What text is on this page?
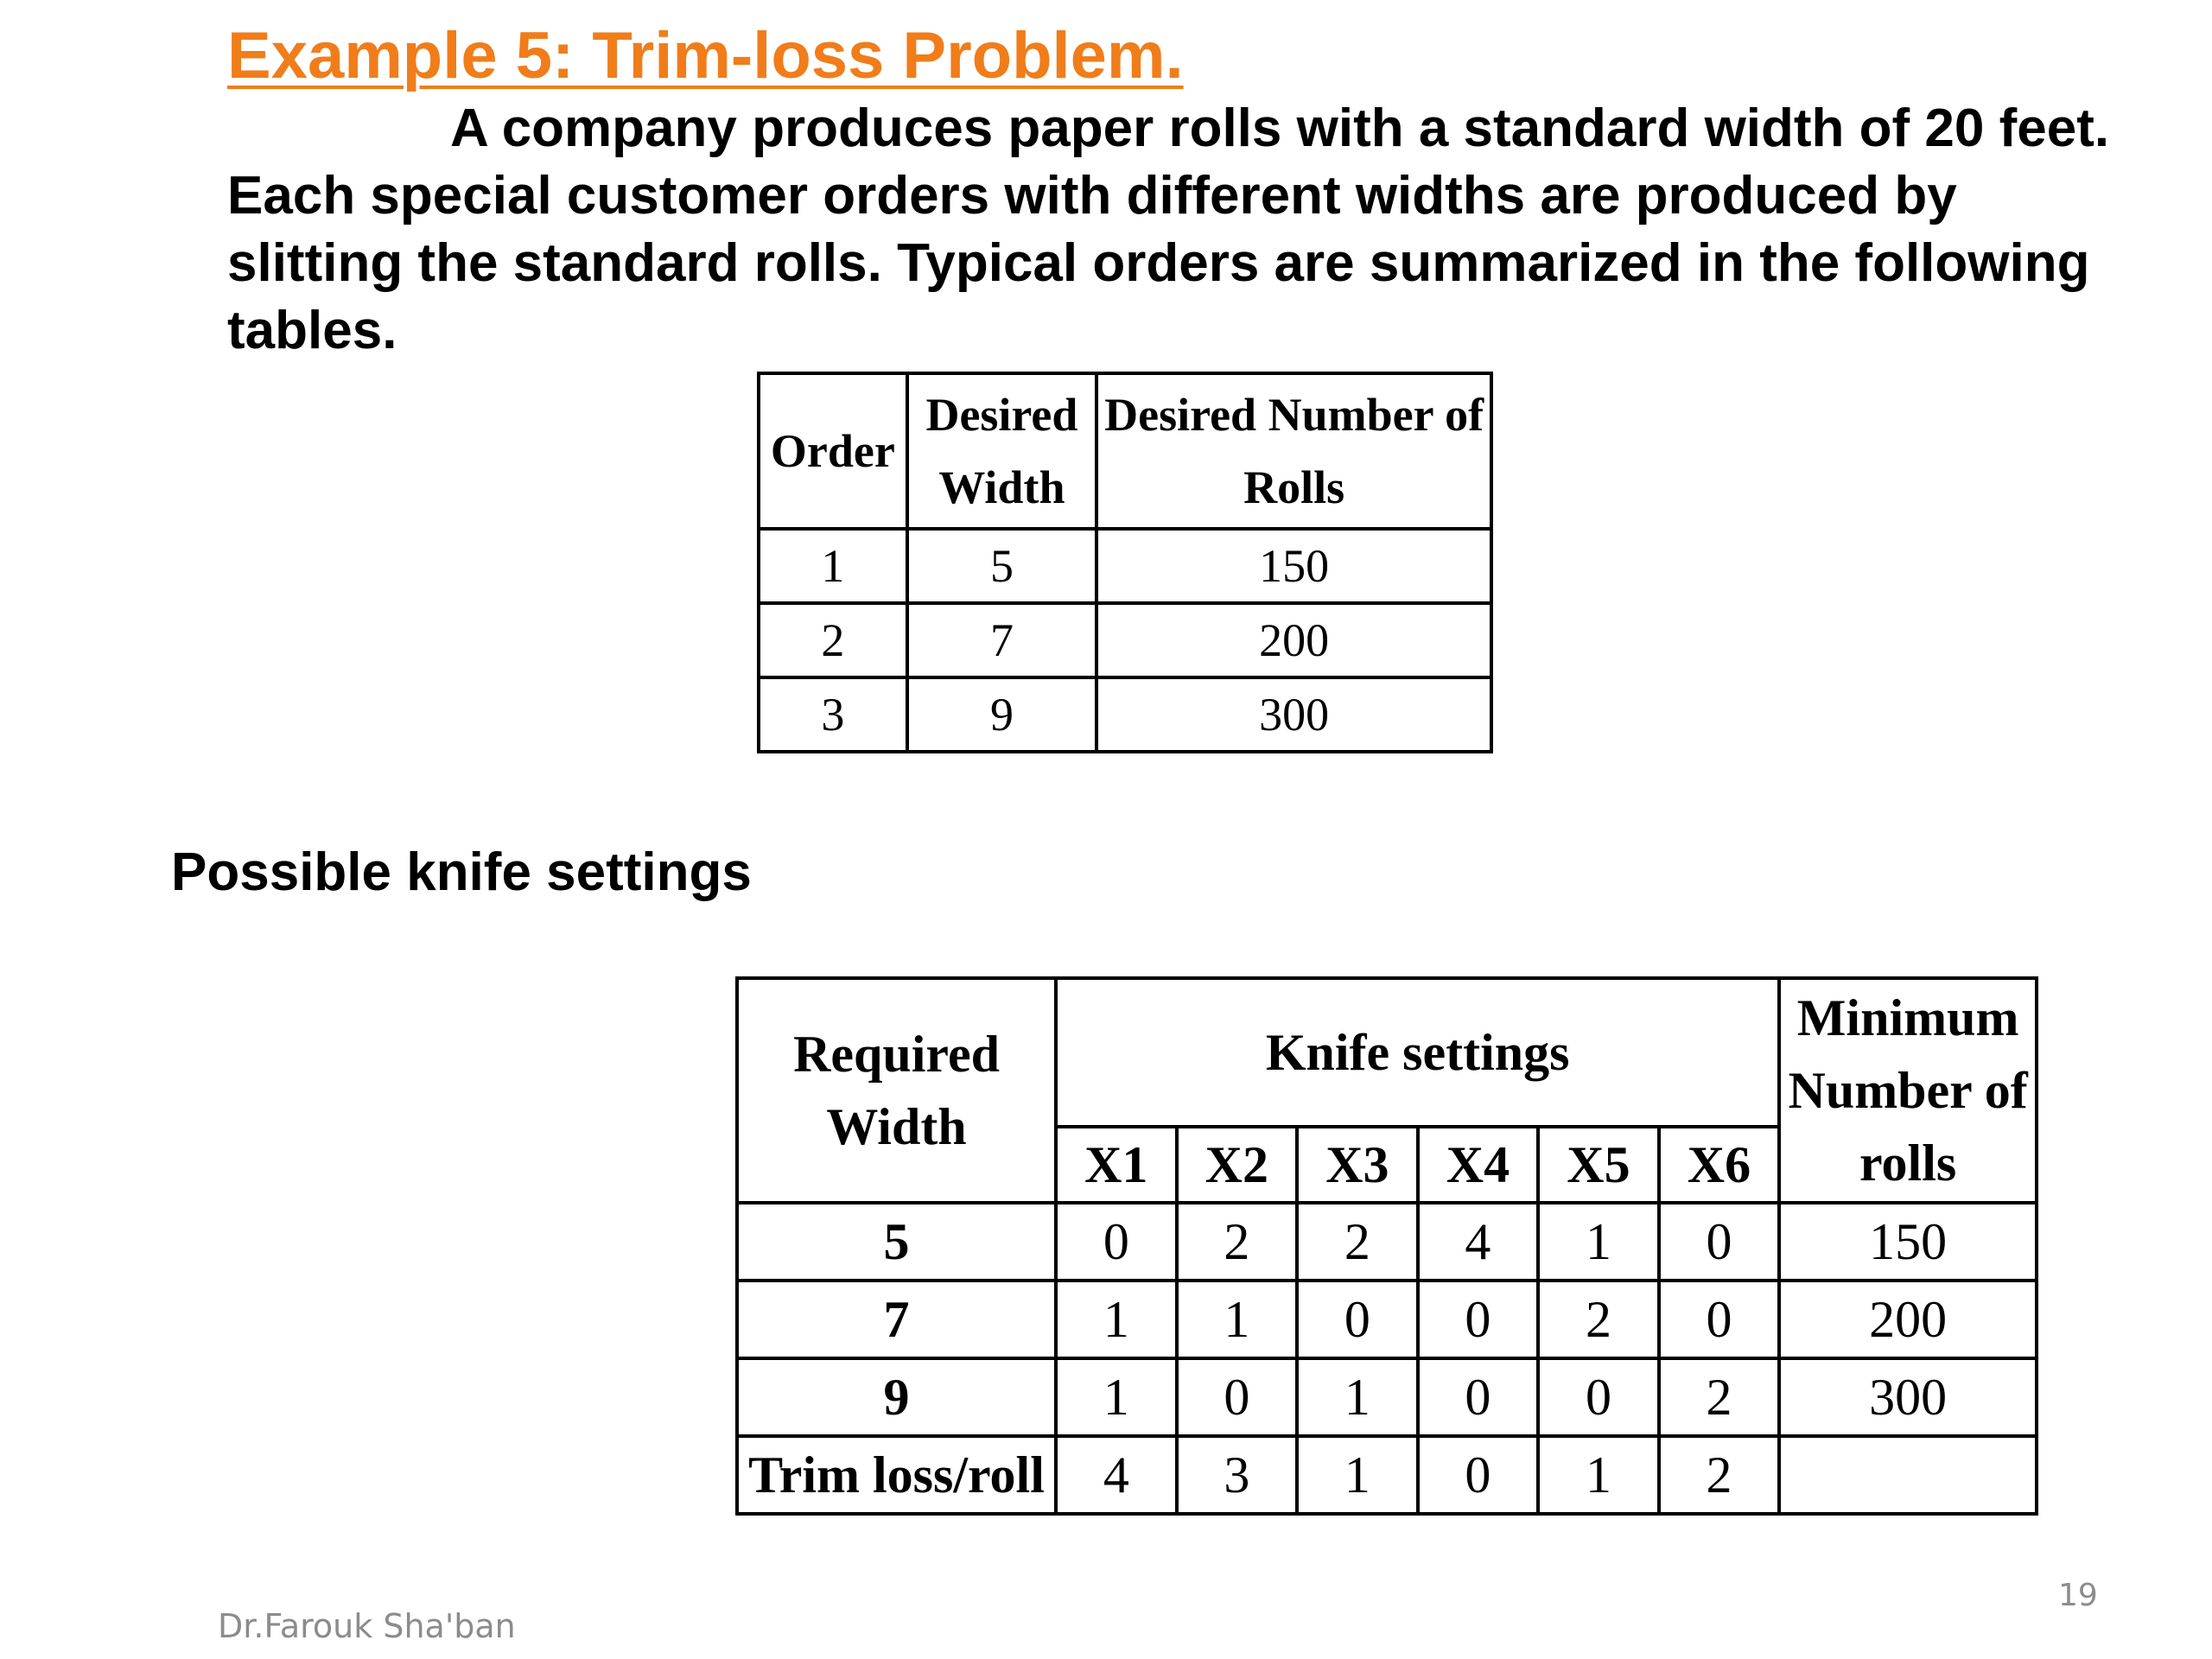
Example 5: Trim-loss Problem.

A company produces paper rolls with a standard width of 20 feet. Each special customer orders with different widths are produced by slitting the standard rolls. Typical orders are summarized in the following tables.

Order	Desired Width	Desired Number of Rolls
1	5	150
2	7	200
3	9	300
Possible knife settings
Required Width	Knife settings						Minimum Number of rolls
	X1	X2	X3	X4	X5	X6	
5	0	2	2	4	1	0	150
7	1	1	0	0	2	0	200
9	1	0	1	0	0	2	300
Trim loss/roll	4	3	1	0	1	2	
Dr.Farouk Sha'ban
19
